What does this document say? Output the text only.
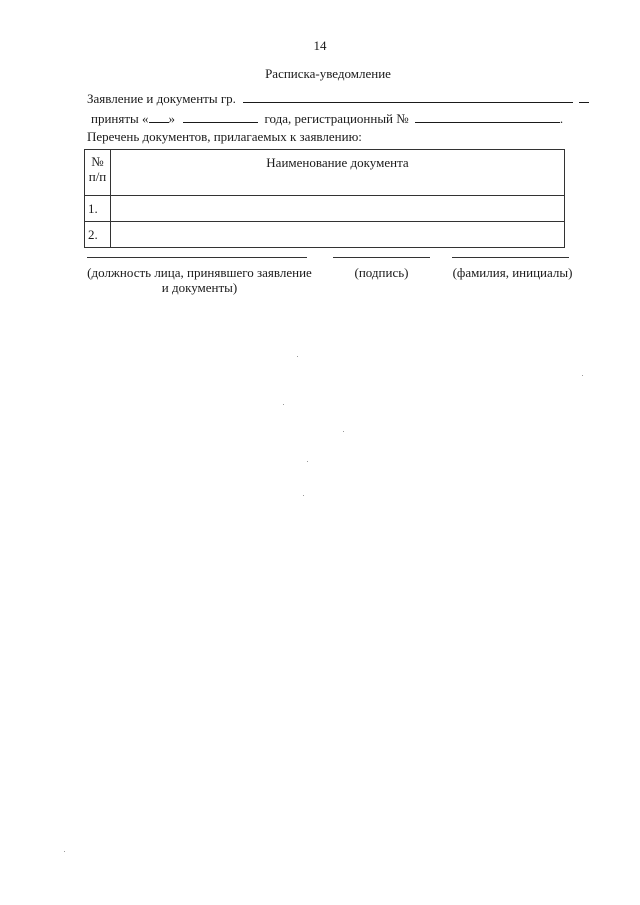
14
Расписка-уведомление
Заявление и документы гр.
приняты « »	года, регистрационный №	.
Перечень документов, прилагаемых к заявлению:
№
п/п	Наименование документа
1.	
2.	
(должность лица, принявшего заявление
и документы)
(подпись)	(фамилия, инициалы)
